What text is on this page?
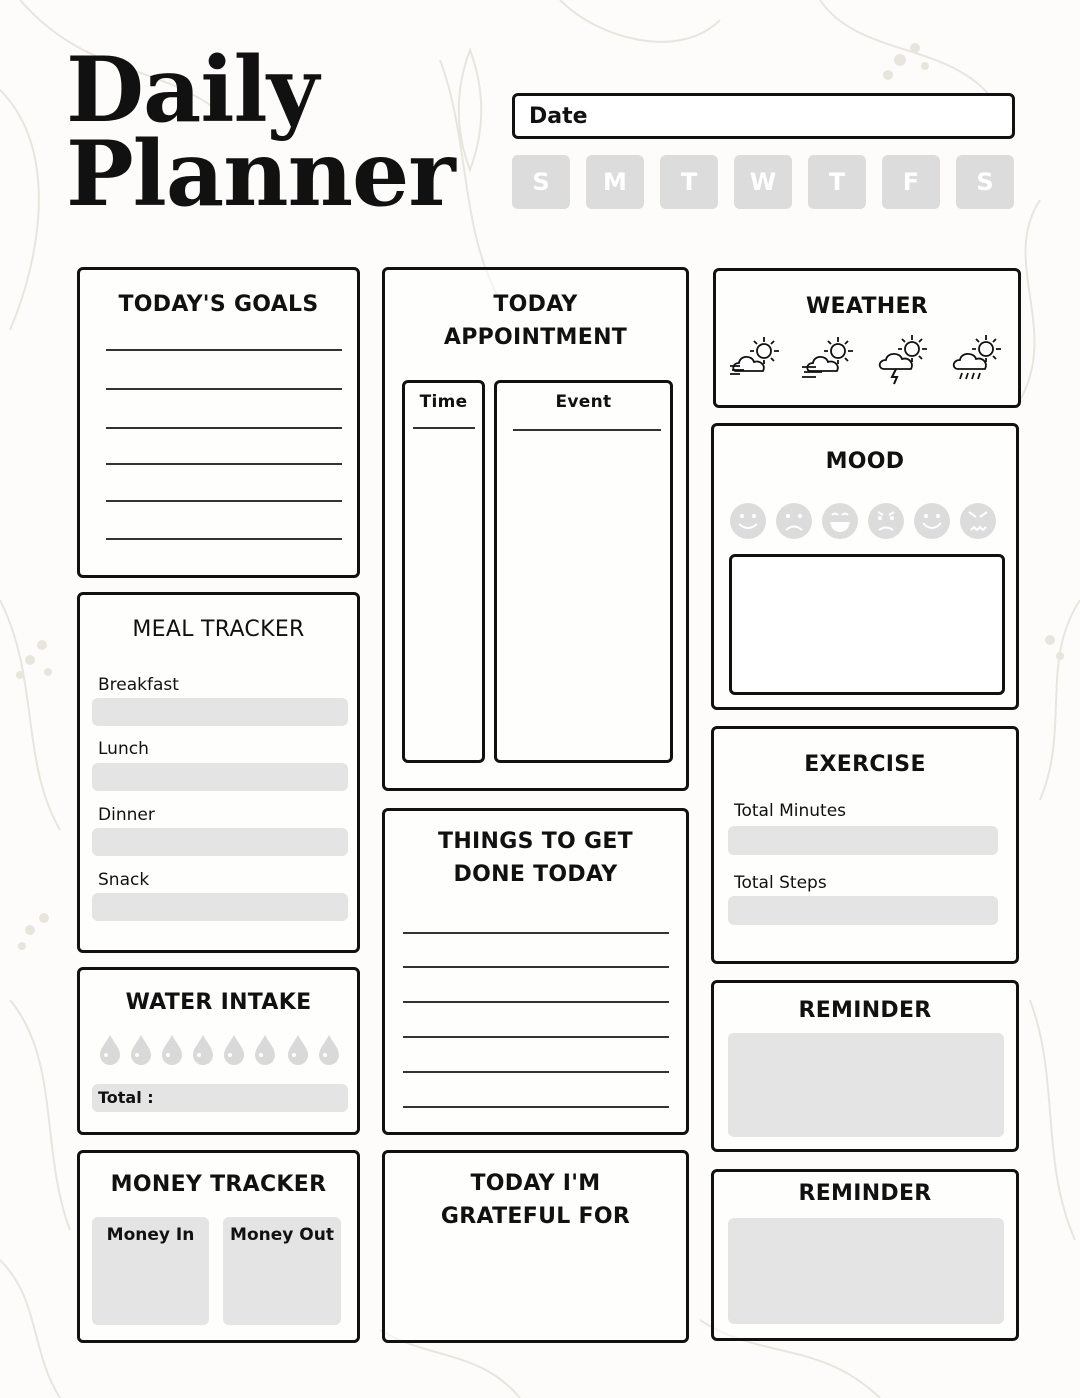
Daily
Planner
Date
S	M	T	W	T	F	S
TODAY'S GOALS	TODAY
APPOINTMENT
Time	Event
WEATHER
MOOD
MEAL TRACKER
Breakfast
Lunch
Dinner
Snack
EXERCISE
Total Minutes
Total Steps
THINGS TO GET
DONE TODAY
WATER INTAKE
Total :
REMINDER
MONEY TRACKER
Money In	Money Out
TODAY I'M
GRATEFUL FOR
REMINDER
